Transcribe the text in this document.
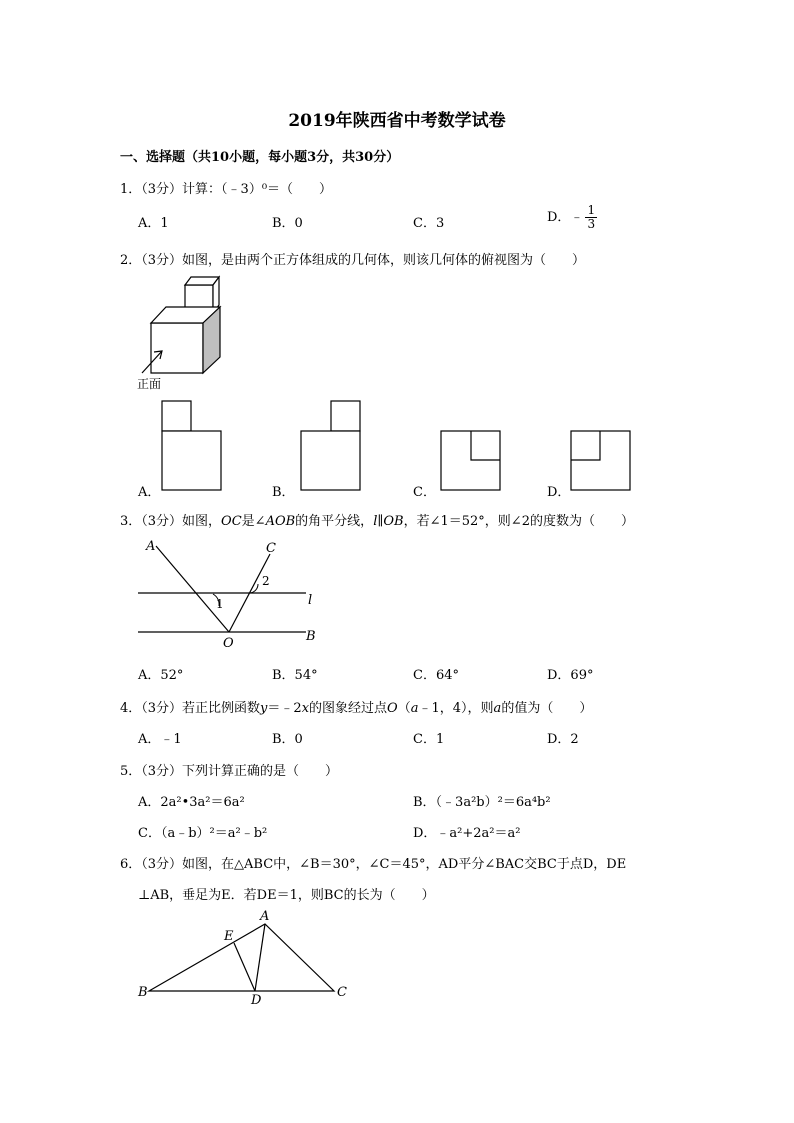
2019年陕西省中考数学试卷
一、选择题（共10小题，每小题3分，共30分）
1．（3分）计算：（﹣3）⁰＝（　　）
A．1	B．0	C．3	D．﹣ $\frac{1}{3}$
2．（3分）如图，是由两个正方体组成的几何体，则该几何体的俯视图为（　　）
正面
A．	B．	C．	D．
3．（3分）如图，OC是∠AOB的角平分线，l∥OB，若∠1＝52°，则∠2的度数为（　　）
A	C
2
1	l
B
O
A．52°	B．54°	C．64°	D．69°
4．（3分）若正比例函数y＝﹣2x的图象经过点O（a﹣1，4），则a的值为（　　）
A．﹣1	B．0	C．1	D．2
5．（3分）下列计算正确的是（　　）
A．2a²•3a²＝6a²	B．（﹣3a²b）²＝6a⁴b²
C．（a﹣b）²＝a²﹣b²	D．﹣a²+2a²＝a²
6．（3分）如图，在△ABC中，∠B＝30°，∠C＝45°，AD平分∠BAC交BC于点D，DE
⊥AB，垂足为E．若DE＝1，则BC的长为（　　）
A
E
B
D
C
